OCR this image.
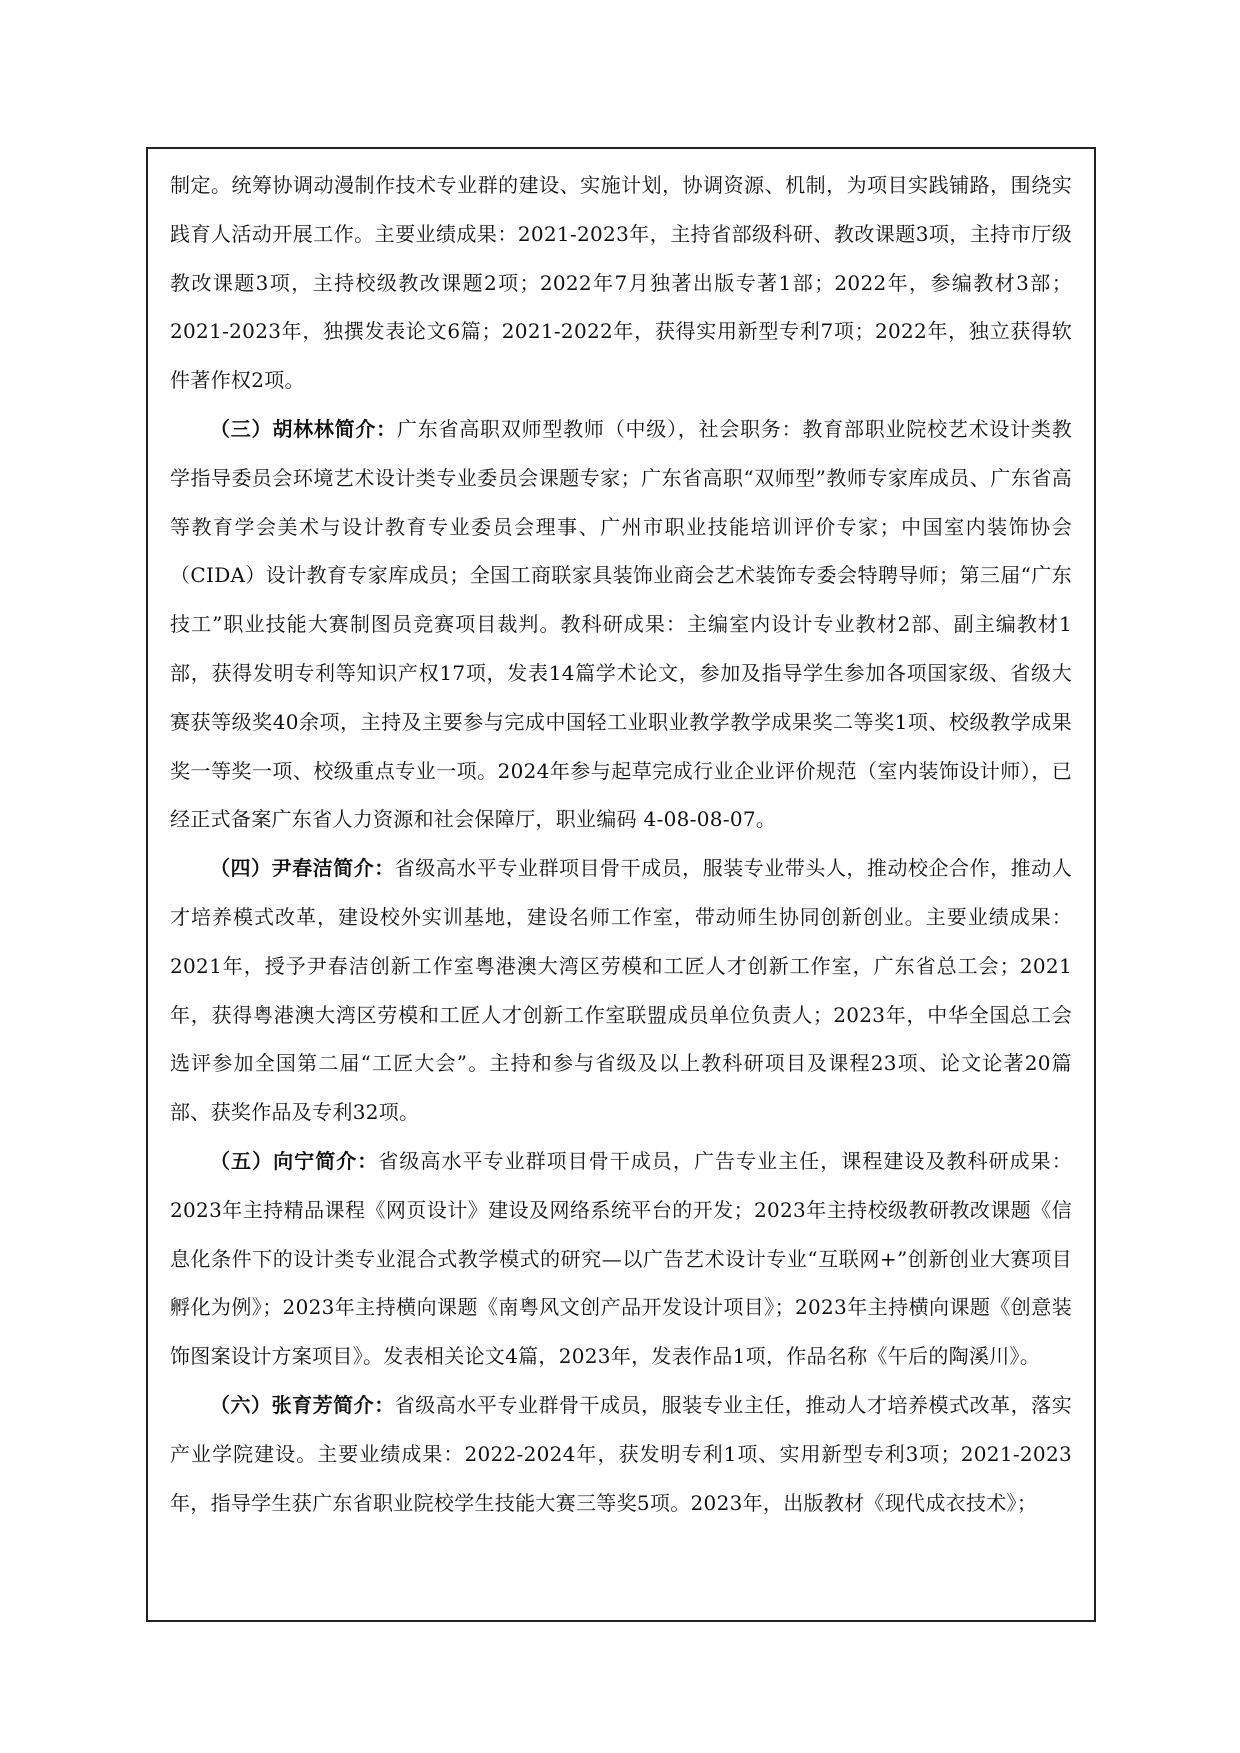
制定。统筹协调动漫制作技术专业群的建设、实施计划，协调资源、机制，为项目实践铺路，围绕实践育人活动开展工作。主要业绩成果：2021-2023年，主持省部级科研、教改课题3项，主持市厅级教改课题3项，主持校级教改课题2项；2022年7月独著出版专著1部；2022年，参编教材3部；2021-2023年，独撰发表论文6篇；2021-2022年，获得实用新型专利7项；2022年，独立获得软件著作权2项。

（三）胡林林简介：广东省高职双师型教师（中级），社会职务：教育部职业院校艺术设计类教学指导委员会环境艺术设计类专业委员会课题专家；广东省高职“双师型”教师专家库成员、广东省高等教育学会美术与设计教育专业委员会理事、广州市职业技能培训评价专家；中国室内装饰协会（CIDA）设计教育专家库成员；全国工商联家具装饰业商会艺术装饰专委会特聘导师；第三届“广东技工”职业技能大赛制图员竞赛项目裁判。教科研成果：主编室内设计专业教材2部、副主编教材1部，获得发明专利等知识产权17项，发表14篇学术论文，参加及指导学生参加各项国家级、省级大赛获等级奖40余项，主持及主要参与完成中国轻工业职业教学教学成果奖二等奖1项、校级教学成果奖一等奖一项、校级重点专业一项。2024年参与起草完成行业企业评价规范（室内装饰设计师），已经正式备案广东省人力资源和社会保障厅，职业编码 4-08-08-07。

（四）尹春洁简介：省级高水平专业群项目骨干成员，服装专业带头人，推动校企合作，推动人才培养模式改革，建设校外实训基地，建设名师工作室，带动师生协同创新创业。主要业绩成果：2021年，授予尹春洁创新工作室粤港澳大湾区劳模和工匠人才创新工作室，广东省总工会；2021年，获得粤港澳大湾区劳模和工匠人才创新工作室联盟成员单位负责人；2023年，中华全国总工会选评参加全国第二届“工匠大会”。主持和参与省级及以上教科研项目及课程23项、论文论著20篇部、获奖作品及专利32项。

（五）向宁简介：省级高水平专业群项目骨干成员，广告专业主任，课程建设及教科研成果：2023年主持精品课程《网页设计》建设及网络系统平台的开发；2023年主持校级教研教改课题《信息化条件下的设计类专业混合式教学模式的研究—以广告艺术设计专业“互联网+”创新创业大赛项目孵化为例》；2023年主持横向课题《南粤风文创产品开发设计项目》；2023年主持横向课题《创意装饰图案设计方案项目》。发表相关论文4篇，2023年，发表作品1项，作品名称《午后的陶溪川》。

（六）张育芳简介：省级高水平专业群骨干成员，服装专业主任，推动人才培养模式改革，落实产业学院建设。主要业绩成果：2022-2024年，获发明专利1项、实用新型专利3项；2021-2023年，指导学生获广东省职业院校学生技能大赛三等奖5项。2023年，出版教材《现代成衣技术》；
